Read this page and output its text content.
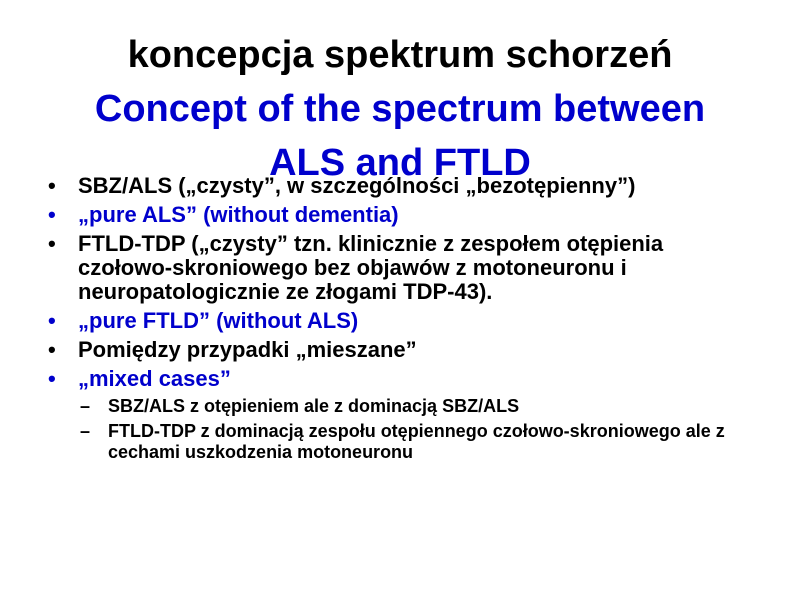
koncepcja spektrum schorzeń
Concept of the spectrum between
ALS and FTLD
• SBZ/ALS („czysty”, w szczególności „bezotępienny”)
• „pure ALS” (without dementia)
• FTLD-TDP („czysty” tzn. klinicznie z zespołem otępienia czołowo-skroniowego bez objawów z motoneuronu i neuropatologicznie ze złogami TDP-43).
• „pure FTLD” (without ALS)
• Pomiędzy przypadki „mieszane”
• „mixed cases”
– SBZ/ALS z otępieniem ale z dominacją SBZ/ALS
– FTLD-TDP z dominacją zespołu otępiennego czołowo-skroniowego ale z cechami uszkodzenia motoneuronu
